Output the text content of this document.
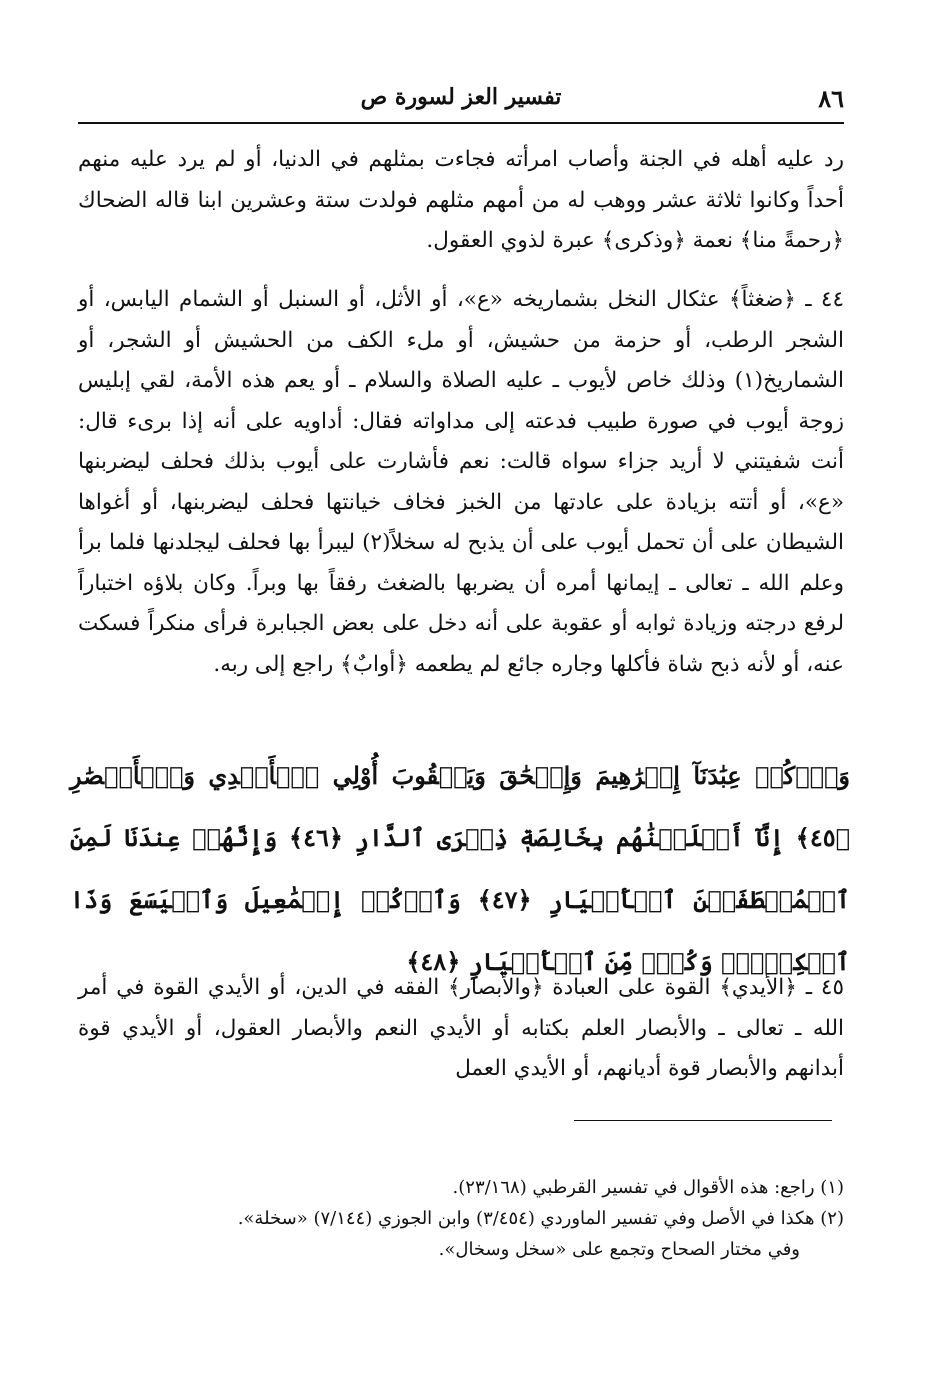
تفسير العز لسورة ص	٨٦

رد عليه أهله في الجنة وأصاب امرأته فجاءت بمثلهم في الدنيا، أو لم يرد عليه منهم أحداً وكانوا ثلاثة عشر ووهب له من أمهم مثلهم فولدت ستة وعشرين ابنا قاله الضحاك ﴿رحمةً منا﴾ نعمة ﴿وذكرى﴾ عبرة لذوي العقول.

٤٤ ـ ﴿ضغثاً﴾ عثكال النخل بشماريخه «ع»، أو الأثل، أو السنبل أو الشمام اليابس، أو الشجر الرطب، أو حزمة من حشيش، أو ملء الكف من الحشيش أو الشجر، أو الشماريخ(١) وذلك خاص لأيوب ـ عليه الصلاة والسلام ـ أو يعم هذه الأمة، لقي إبليس زوجة أيوب في صورة طبيب فدعته إلى مداواته فقال: أداويه على أنه إذا برىء قال: أنت شفيتني لا أريد جزاء سواه قالت: نعم فأشارت على أيوب بذلك فحلف ليضربنها «ع»، أو أتته بزيادة على عادتها من الخبز فخاف خيانتها فحلف ليضربنها، أو أغواها الشيطان على أن تحمل أيوب على أن يذبح له سخلاً(٢) ليبرأ بها فحلف ليجلدنها فلما برأ وعلم الله ـ تعالى ـ إيمانها أمره أن يضربها بالضغث رفقاً بها وبراً. وكان بلاؤه اختباراً لرفع درجته وزيادة ثوابه أو عقوبة على أنه دخل على بعض الجبابرة فرأى منكراً فسكت عنه، أو لأنه ذبح شاة فأكلها وجاره جائع لم يطعمه ﴿أوابٌ﴾ راجع إلى ربه.

وَٱذۡكُرۡ عِبَٰدَنَآ إِبۡرَٰهِيمَ وَإِسۡحَٰقَ وَيَعۡقُوبَ أُوْلِي ٱلۡأَيۡدِي وَٱلۡأَبۡصَٰرِ ﴿٤٥﴾ إِنَّآ أَخۡلَصۡنَٰهُم بِخَالِصَةٖ ذِكۡرَى ٱلدَّارِ ﴿٤٦﴾ وَإِنَّهُمۡ عِندَنَا لَمِنَ ٱلۡمُصۡطَفَيۡنَ ٱلۡأَخۡيَارِ ﴿٤٧﴾ وَٱذۡكُرۡ إِسۡمَٰعِيلَ وَٱلۡيَسَعَ وَذَا ٱلۡكِفۡلِۖ وَكُلّٞ مِّنَ ٱلۡأَخۡيَارِ ﴿٤٨﴾

٤٥ ـ ﴿الأيدي﴾ القوة على العبادة ﴿والأبصار﴾ الفقه في الدين، أو الأيدي القوة في أمر الله ـ تعالى ـ والأبصار العلم بكتابه أو الأيدي النعم والأبصار العقول، أو الأيدي قوة أبدانهم والأبصار قوة أديانهم، أو الأيدي العمل

(١) راجع: هذه الأقوال في تفسير القرطبي (٢٣/١٦٨).

(٢) هكذا في الأصل وفي تفسير الماوردي (٣/٤٥٤) وابن الجوزي (٧/١٤٤) «سخلة».

وفي مختار الصحاح وتجمع على «سخل وسخال».
